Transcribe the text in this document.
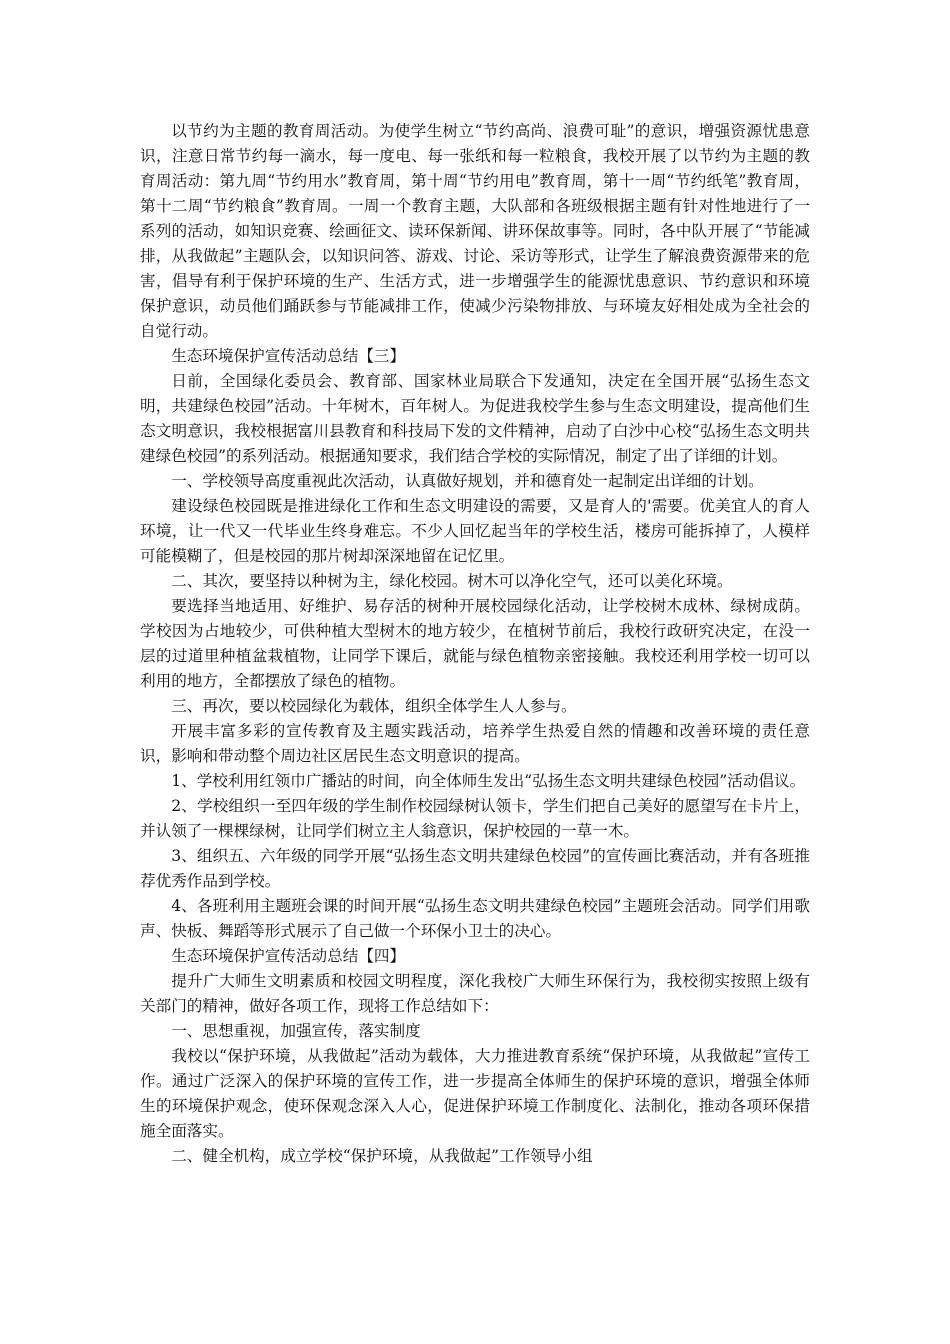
以节约为主题的教育周活动。为使学生树立“节约高尚、浪费可耻”的意识，增强资源忧患意识，注意日常节约每一滴水，每一度电、每一张纸和每一粒粮食，我校开展了以节约为主题的教育周活动：第九周“节约用水”教育周，第十周“节约用电”教育周，第十一周“节约纸笔”教育周，第十二周“节约粮食”教育周。一周一个教育主题，大队部和各班级根据主题有针对性地进行了一系列的活动，如知识竞赛、绘画征文、读环保新闻、讲环保故事等。同时，各中队开展了“节能减排，从我做起”主题队会，以知识问答、游戏、讨论、采访等形式，让学生了解浪费资源带来的危害，倡导有利于保护环境的生产、生活方式，进一步增强学生的能源忧患意识、节约意识和环境保护意识，动员他们踊跃参与节能减排工作，使减少污染物排放、与环境友好相处成为全社会的自觉行动。

生态环境保护宣传活动总结【三】

日前，全国绿化委员会、教育部、国家林业局联合下发通知，决定在全国开展“弘扬生态文明，共建绿色校园”活动。十年树木，百年树人。为促进我校学生参与生态文明建设，提高他们生态文明意识，我校根据富川县教育和科技局下发的文件精神，启动了白沙中心校“弘扬生态文明共建绿色校园”的系列活动。根据通知要求，我们结合学校的实际情况，制定了出了详细的计划。

一、学校领导高度重视此次活动，认真做好规划，并和德育处一起制定出详细的计划。

建设绿色校园既是推进绿化工作和生态文明建设的需要，又是育人的'需要。优美宜人的育人环境，让一代又一代毕业生终身难忘。不少人回忆起当年的学校生活，楼房可能拆掉了，人模样可能模糊了，但是校园的那片树却深深地留在记忆里。

二、其次，要坚持以种树为主，绿化校园。树木可以净化空气，还可以美化环境。

要选择当地适用、好维护、易存活的树种开展校园绿化活动，让学校树木成林、绿树成荫。学校因为占地较少，可供种植大型树木的地方较少，在植树节前后，我校行政研究决定，在没一层的过道里种植盆栽植物，让同学下课后，就能与绿色植物亲密接触。我校还利用学校一切可以利用的地方，全都摆放了绿色的植物。

三、再次，要以校园绿化为载体，组织全体学生人人参与。

开展丰富多彩的宣传教育及主题实践活动，培养学生热爱自然的情趣和改善环境的责任意识，影响和带动整个周边社区居民生态文明意识的提高。

1、学校利用红领巾广播站的时间，向全体师生发出“弘扬生态文明共建绿色校园”活动倡议。

2、学校组织一至四年级的学生制作校园绿树认领卡，学生们把自己美好的愿望写在卡片上，并认领了一棵棵绿树，让同学们树立主人翁意识，保护校园的一草一木。

3、组织五、六年级的同学开展“弘扬生态文明共建绿色校园”的宣传画比赛活动，并有各班推荐优秀作品到学校。

4、各班利用主题班会课的时间开展“弘扬生态文明共建绿色校园”主题班会活动。同学们用歌声、快板、舞蹈等形式展示了自己做一个环保小卫士的决心。

生态环境保护宣传活动总结【四】

提升广大师生文明素质和校园文明程度，深化我校广大师生环保行为，我校彻实按照上级有关部门的精神，做好各项工作，现将工作总结如下：

一、思想重视，加强宣传，落实制度

我校以“保护环境，从我做起”活动为载体，大力推进教育系统“保护环境，从我做起”宣传工作。通过广泛深入的保护环境的宣传工作，进一步提高全体师生的保护环境的意识，增强全体师生的环境保护观念，使环保观念深入人心，促进保护环境工作制度化、法制化，推动各项环保措施全面落实。

二、健全机构，成立学校“保护环境，从我做起”工作领导小组
